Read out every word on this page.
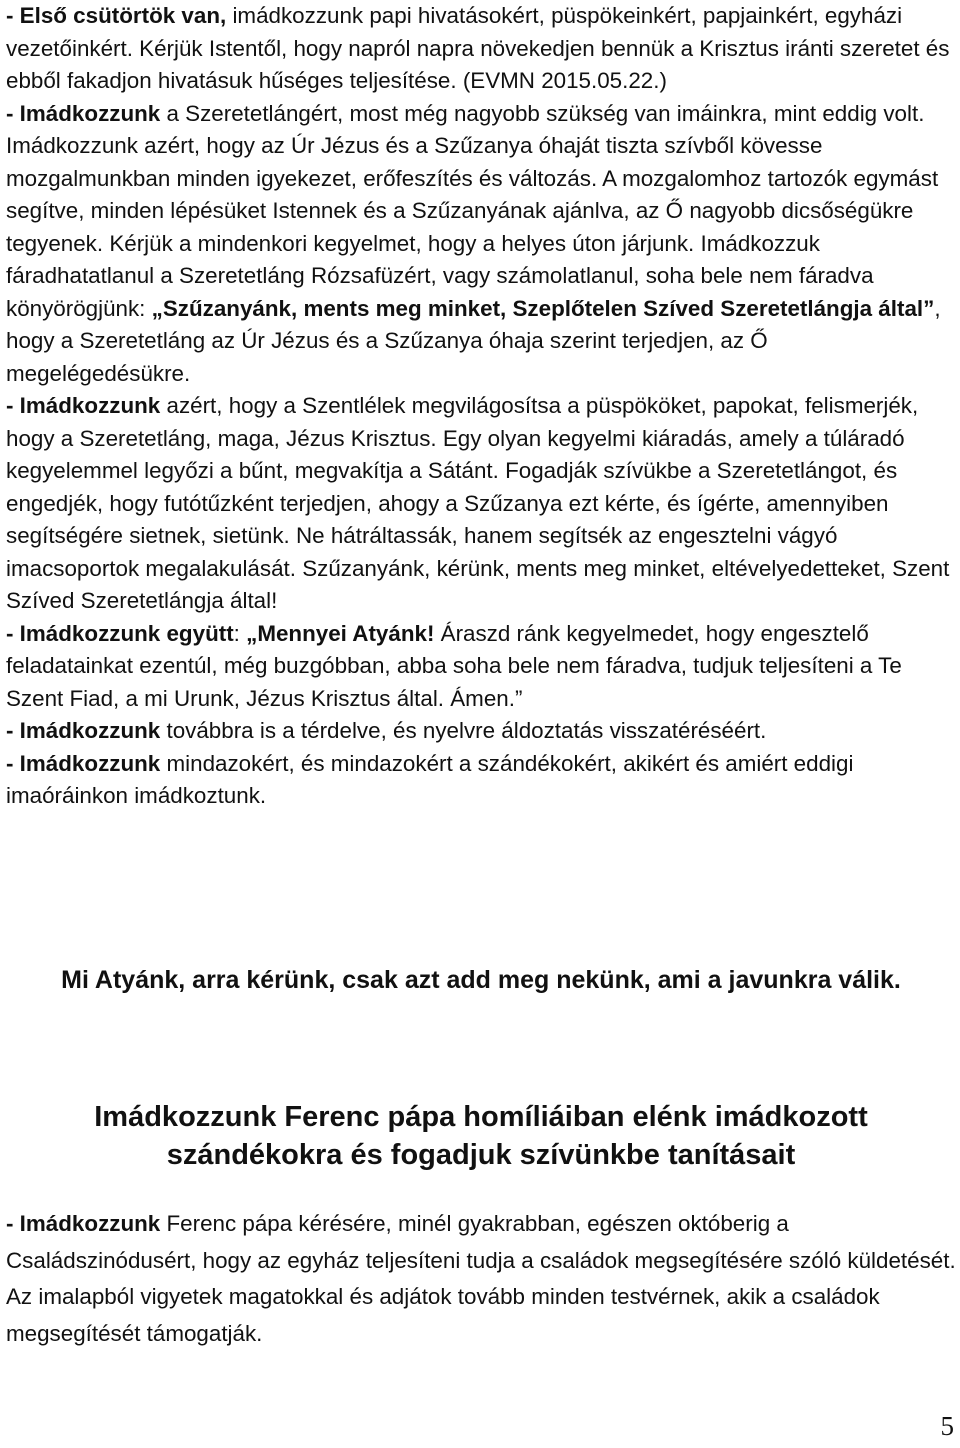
- Első csütörtök van, imádkozzunk papi hivatásokért, püspökeinkért, papjainkért, egyházi vezetőinkért. Kérjük Istentől, hogy napról napra növekedjen bennük a Krisztus iránti szeretet és ebből fakadjon hivatásuk hűséges teljesítése. (EVMN 2015.05.22.)

- Imádkozzunk a Szeretetlángért, most még nagyobb szükség van imáinkra, mint eddig volt. Imádkozzunk azért, hogy az Úr Jézus és a Szűzanya óhaját tiszta szívből kövesse mozgalmunkban minden igyekezet, erőfeszítés és változás. A mozgalomhoz tartozók egymást segítve, minden lépésüket Istennek és a Szűzanyának ajánlva, az Ő nagyobb dicsőségükre tegyenek. Kérjük a mindenkori kegyelmet, hogy a helyes úton járjunk. Imádkozzuk fáradhatatlanul a Szeretetláng Rózsafüzért, vagy számolatlanul, soha bele nem fáradva könyörögjünk: „Szűzanyánk, ments meg minket, Szeplőtelen Szíved Szeretetlángja által”, hogy a Szeretetláng az Úr Jézus és a Szűzanya óhaja szerint terjedjen, az Ő megelégedésükre.

- Imádkozzunk azért, hogy a Szentlélek megvilágosítsa a püspököket, papokat, felismerjék, hogy a Szeretetláng, maga, Jézus Krisztus. Egy olyan kegyelmi kiáradás, amely a túláradó kegyelemmel legyőzi a bűnt, megvakítja a Sátánt. Fogadják szívükbe a Szeretetlángot, és engedjék, hogy futótűzként terjedjen, ahogy a Szűzanya ezt kérte, és ígérte, amennyiben segítségére sietnek, sietünk. Ne hátráltassák, hanem segítsék az engesztelni vágyó imacsoportok megalakulását. Szűzanyánk, kérünk, ments meg minket, eltévelyedetteket, Szent Szíved Szeretetlángja által!

- Imádkozzunk együtt: „Mennyei Atyánk! Áraszd ránk kegyelmedet, hogy engesztelő feladatainkat ezentúl, még buzgóbban, abba soha bele nem fáradva, tudjuk teljesíteni a Te Szent Fiad, a mi Urunk, Jézus Krisztus által. Ámen.”

- Imádkozzunk továbbra is a térdelve, és nyelvre áldoztatás visszatéréséért.

- Imádkozzunk mindazokért, és mindazokért a szándékokért, akikért és amiért eddigi imaóráinkon imádkoztunk.

Mi Atyánk, arra kérünk, csak azt add meg nekünk, ami a javunkra válik.

Imádkozzunk Ferenc pápa homíliáiban elénk imádkozott szándékokra és fogadjuk szívünkbe tanításait

- Imádkozzunk Ferenc pápa kérésére, minél gyakrabban, egészen októberig a Családszinódusért, hogy az egyház teljesíteni tudja a családok megsegítésére szóló küldetését. Az imalapból vigyetek magatokkal és adjátok tovább minden testvérnek, akik a családok megsegítését támogatják.

5
